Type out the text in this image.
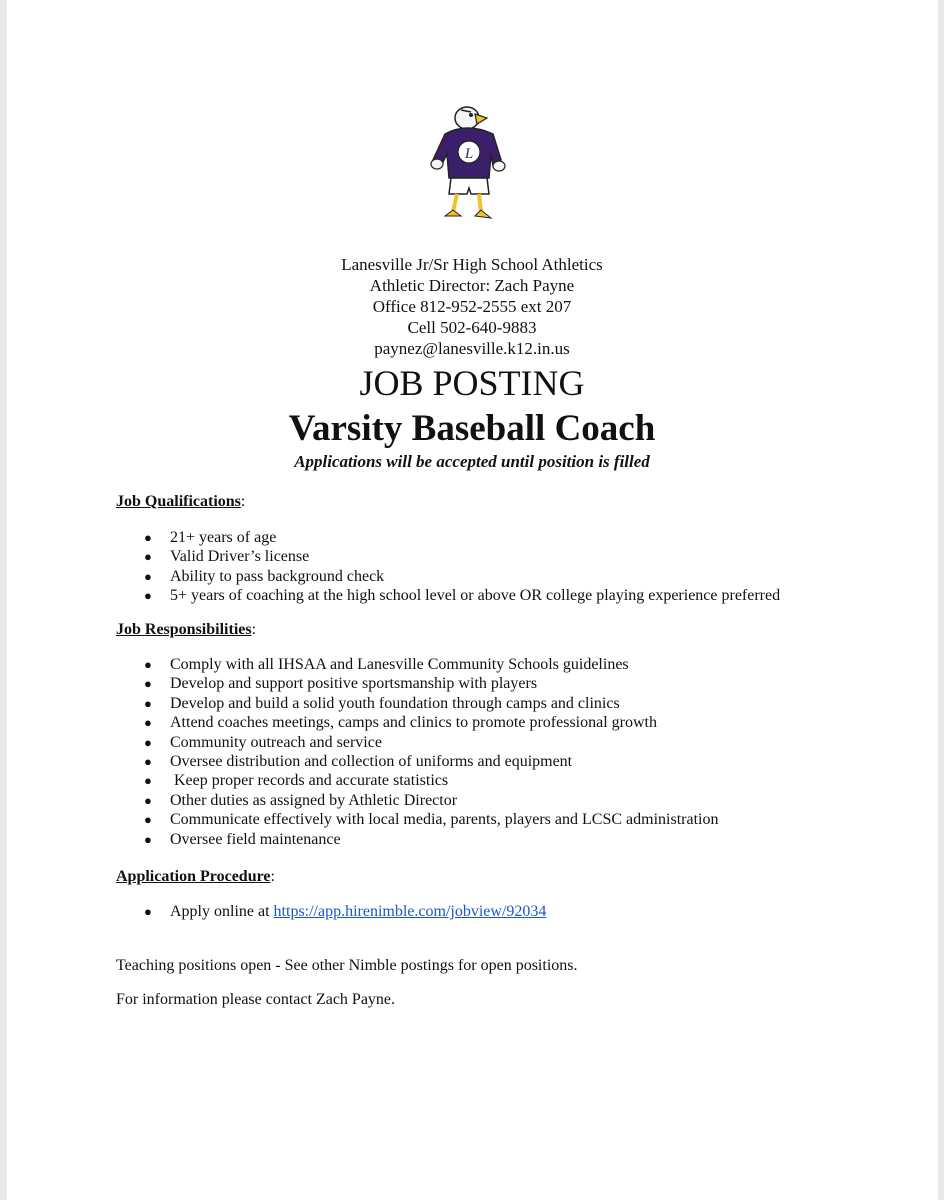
L
Lanesville Jr/Sr High School Athletics
Athletic Director: Zach Payne
Office 812-952-2555 ext 207
Cell 502-640-9883
paynez@lanesville.k12.in.us
JOB POSTING
Varsity Baseball Coach
Applications will be accepted until position is filled
Job Qualifications:
● 21+ years of age
● Valid Driver’s license
● Ability to pass background check
● 5+ years of coaching at the high school level or above OR college playing experience preferred
Job Responsibilities:
● Comply with all IHSAA and Lanesville Community Schools guidelines
● Develop and support positive sportsmanship with players
● Develop and build a solid youth foundation through camps and clinics
● Attend coaches meetings, camps and clinics to promote professional growth
● Community outreach and service
● Oversee distribution and collection of uniforms and equipment
● Keep proper records and accurate statistics
● Other duties as assigned by Athletic Director
● Communicate effectively with local media, parents, players and LCSC administration
● Oversee field maintenance
Application Procedure:
● Apply online at https://app.hirenimble.com/jobview/92034
Teaching positions open - See other Nimble postings for open positions.
For information please contact Zach Payne.
